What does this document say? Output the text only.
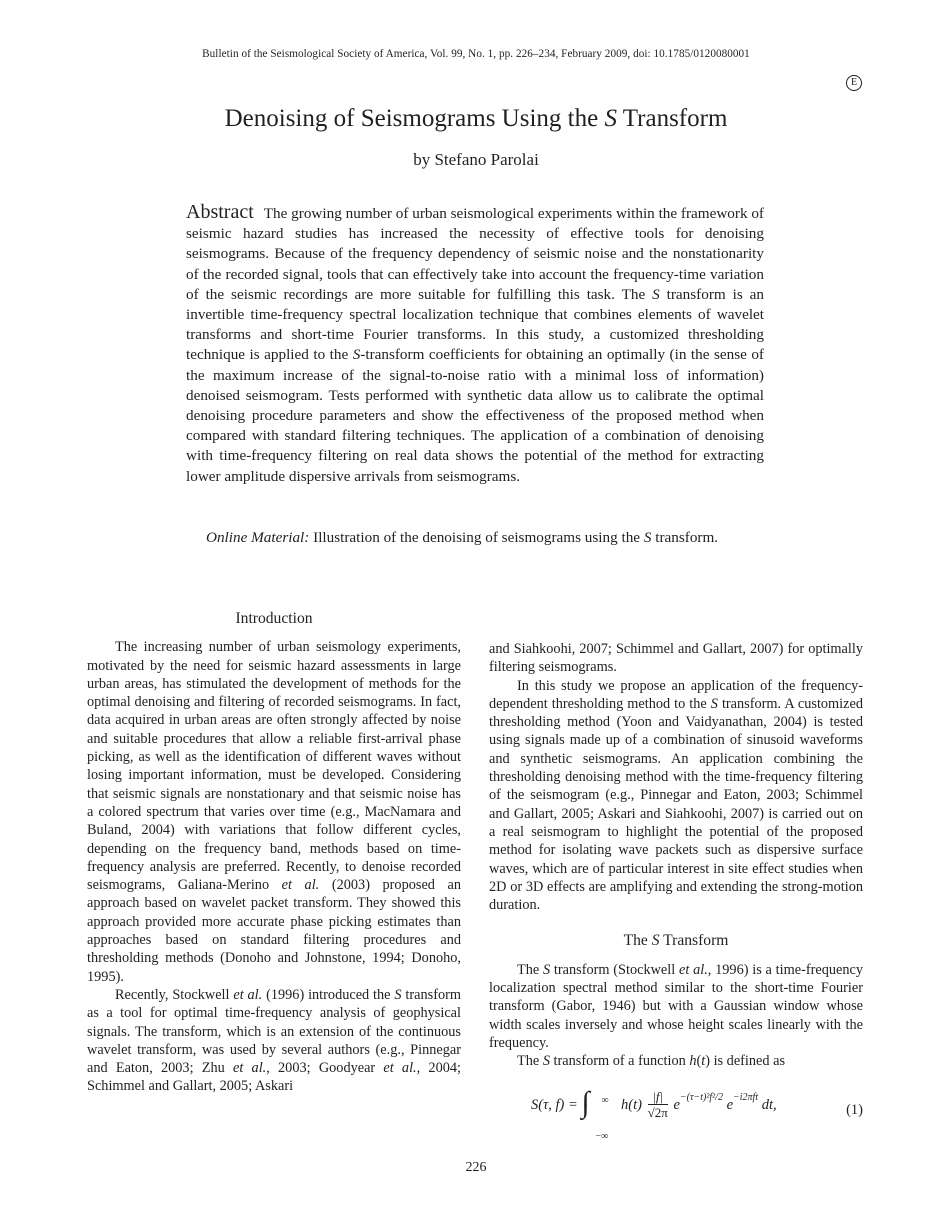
Bulletin of the Seismological Society of America, Vol. 99, No. 1, pp. 226–234, February 2009, doi: 10.1785/0120080001
E
Denoising of Seismograms Using the S Transform
by Stefano Parolai

Abstract The growing number of urban seismological experiments within the framework of seismic hazard studies has increased the necessity of effective tools for denoising seismograms. Because of the frequency dependency of seismic noise and the nonstationarity of the recorded signal, tools that can effectively take into account the frequency-time variation of the seismic recordings are more suitable for fulfilling this task. The S transform is an invertible time-frequency spectral localization technique that combines elements of wavelet transforms and short-time Fourier transforms. In this study, a customized thresholding technique is applied to the S-transform coefficients for obtaining an optimally (in the sense of the maximum increase of the signal-to-noise ratio with a minimal loss of information) denoised seismogram. Tests performed with synthetic data allow us to calibrate the optimal denoising procedure parameters and show the effectiveness of the proposed method when compared with standard filtering techniques. The application of a combination of denoising with time-frequency filtering on real data shows the potential of the method for extracting lower amplitude dispersive arrivals from seismograms.

Online Material: Illustration of the denoising of seismograms using the S transform.

Introduction

The increasing number of urban seismology experiments, motivated by the need for seismic hazard assessments in large urban areas, has stimulated the development of methods for the optimal denoising and filtering of recorded seismograms. In fact, data acquired in urban areas are often strongly affected by noise and suitable procedures that allow a reliable first-arrival phase picking, as well as the identification of different waves without losing important information, must be developed. Considering that seismic signals are nonstationary and that seismic noise has a colored spectrum that varies over time (e.g., MacNamara and Buland, 2004) with variations that follow different cycles, depending on the frequency band, methods based on time-frequency analysis are preferred. Recently, to denoise recorded seismograms, Galiana-Merino et al. (2003) proposed an approach based on wavelet packet transform. They showed this approach provided more accurate phase picking estimates than approaches based on standard filtering procedures and thresholding methods (Donoho and Johnstone, 1994; Donoho, 1995).

Recently, Stockwell et al. (1996) introduced the S transform as a tool for optimal time-frequency analysis of geophysical signals. The transform, which is an extension of the continuous wavelet transform, was used by several authors (e.g., Pinnegar and Eaton, 2003; Zhu et al., 2003; Goodyear et al., 2004; Schimmel and Gallart, 2005; Askari

and Siahkoohi, 2007; Schimmel and Gallart, 2007) for optimally filtering seismograms.

In this study we propose an application of the frequency-dependent thresholding method to the S transform. A customized thresholding method (Yoon and Vaidyanathan, 2004) is tested using signals made up of a combination of sinusoid waveforms and synthetic seismograms. An application combining the thresholding denoising method with the time-frequency filtering of the seismogram (e.g., Pinnegar and Eaton, 2003; Schimmel and Gallart, 2005; Askari and Siahkoohi, 2007) is carried out on a real seismogram to highlight the potential of the proposed method for isolating wave packets such as dispersive surface waves, which are of particular interest in site effect studies when 2D or 3D effects are amplifying and extending the strong-motion duration.

The S Transform

The S transform (Stockwell et al., 1996) is a time-frequency localization spectral method similar to the short-time Fourier transform (Gabor, 1946) but with a Gaussian window whose width scales inversely and whose height scales linearly with the frequency.

The S transform of a function h(t) is defined as

S(τ, f) = ∫ ∞
−∞
$h(t) \frac{|f|}{√2\pi} e^{-(\tau-t)^2f^2/2}$ $e^{-i2\pi ft}$ dt,	(1)
226
